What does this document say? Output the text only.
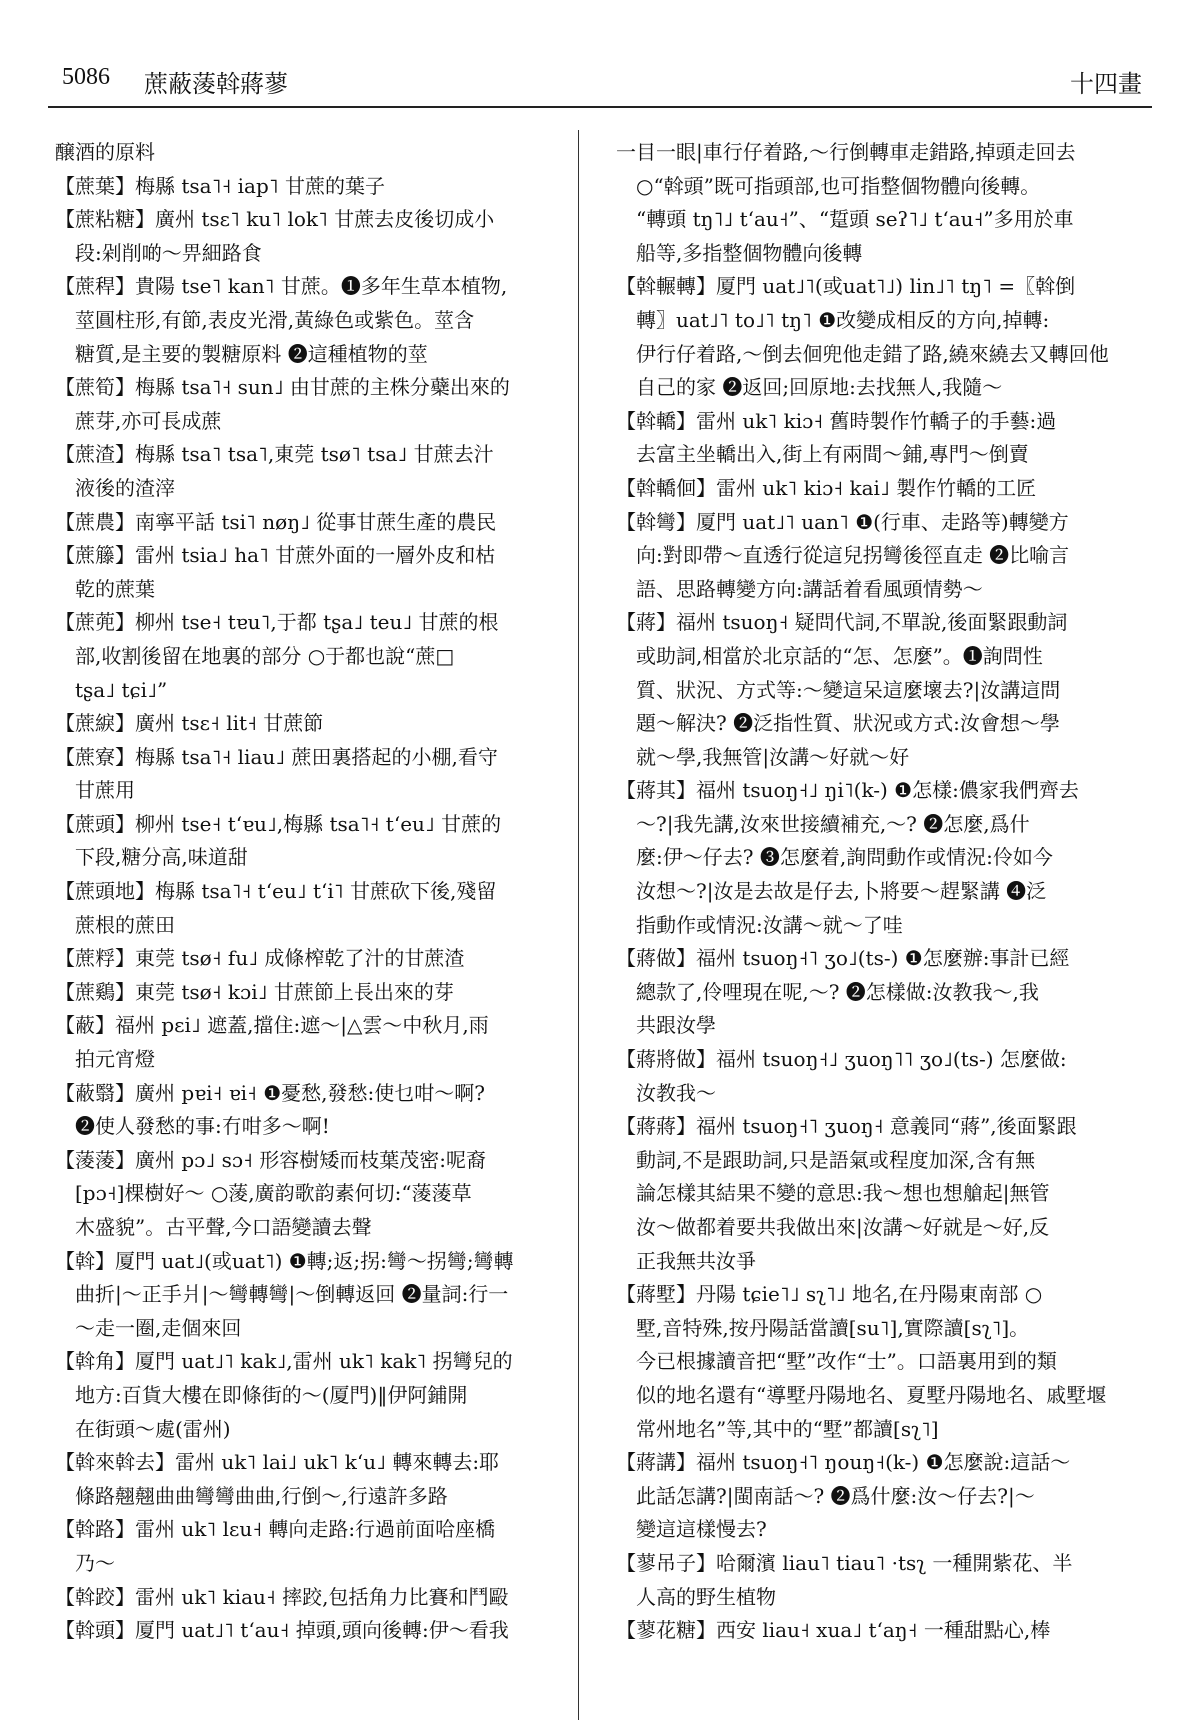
5086 蔗蔽蔆斡蔣蓼	十四畫
醸酒的原料
【蔗葉】梅縣 tsa˥˧ iap˥ 甘蔗的葉子
【蔗粘糖】廣州 tsɛ˥ ku˥ lok˥ 甘蔗去皮後切成小
段:剁削啲～畀細路食
【蔗稈】貴陽 tse˥ kan˥ 甘蔗。❶多年生草本植物,
莖圓柱形,有節,表皮光滑,黃綠色或紫色。莖含
糖質,是主要的製糖原料 ❷這種植物的莖
【蔗筍】梅縣 tsa˥˧ sun˩ 由甘蔗的主株分蘗出來的
蔗芽,亦可長成蔗
【蔗渣】梅縣 tsa˥ tsa˥,東莞 tsø˥ tsa˩ 甘蔗去汁
液後的渣滓
【蔗農】南寧平話 tsi˥ nøŋ˩ 從事甘蔗生產的農民
【蔗籐】雷州 tsia˩ ha˥ 甘蔗外面的一層外皮和枯
乾的蔗葉
【蔗蔸】柳州 tse˧ tɐu˥,于都 tʂa˩ teu˩ 甘蔗的根
部,收割後留在地裏的部分 ○于都也說“蔗□
tʂa˩ tɕi˩”
【蔗綟】廣州 tsɛ˧ lit˧ 甘蔗節
【蔗寮】梅縣 tsa˥˧ liau˩ 蔗田裏搭起的小棚,看守
甘蔗用
【蔗頭】柳州 tse˧ tʻɐu˩,梅縣 tsa˥˧ tʻeu˩ 甘蔗的
下段,糖分高,味道甜
【蔗頭地】梅縣 tsa˥˧ tʻeu˩ tʻi˥ 甘蔗砍下後,殘留
蔗根的蔗田
【蔗粰】東莞 tsø˧ fu˩ 成條榨乾了汁的甘蔗渣
【蔗鷄】東莞 tsø˧ kɔi˩ 甘蔗節上長出來的芽
【蔽】福州 pɛi˩ 遮蓋,擋住:遮～|△雲～中秋月,雨
拍元宵燈
【蔽翳】廣州 pɐi˧ ɐi˧ ❶憂愁,發愁:使乜咁～啊?
❷使人發愁的事:冇咁多～啊!
【蔆蔆】廣州 pɔ˩ sɔ˧ 形容樹矮而枝葉茂密:呢裔
[pɔ˧]棵樹好～ ○蔆,廣韵歌韵素何切:“蔆蔆草
木盛貌”。古平聲,今口語變讀去聲
【斡】厦門 uat˩(或uat˥) ❶轉;返;拐:彎～拐彎;彎轉
曲折|～正手爿|～彎轉彎|～倒轉返回 ❷量詞:行一
～走一圈,走個來回
【斡角】厦門 uat˩˥ kak˩,雷州 uk˥ kak˥ 拐彎兒的
地方:百貨大樓在即條街的～(厦門)‖伊阿鋪開
在街頭～處(雷州)
【斡來斡去】雷州 uk˥ lai˩ uk˥ kʻu˩ 轉來轉去:耶
條路翹翹曲曲彎彎曲曲,行倒～,行遠許多路
【斡路】雷州 uk˥ lɛu˧ 轉向走路:行過前面哈座橋
乃～
【斡跤】雷州 uk˥ kiau˧ 摔跤,包括角力比賽和鬥毆
【斡頭】厦門 uat˩˥ tʻau˧ 掉頭,頭向後轉:伊～看我
一目一眼|車行仔着路,～行倒轉車走錯路,掉頭走回去
○“斡頭”既可指頭部,也可指整個物體向後轉。
“轉頭 tŋ˥˩ tʻau˧”、“踅頭 seʔ˥˩ tʻau˧”多用於車
船等,多指整個物體向後轉
【斡輾轉】厦門 uat˩˥(或uat˥˩) lin˩˥ tŋ˥ =〖斡倒
轉〗uat˩˥ to˩˥ tŋ˥ ❶改變成相反的方向,掉轉:
伊行仔着路,～倒去佪兜他走錯了路,繞來繞去又轉回他
自己的家 ❷返回;回原地:去找無人,我隨～
【斡轎】雷州 uk˥ kiɔ˧ 舊時製作竹轎子的手藝:過
去富主坐轎出入,街上有兩間～鋪,專門～倒賣
【斡轎佪】雷州 uk˥ kiɔ˧ kai˩ 製作竹轎的工匠
【斡彎】厦門 uat˩˥ uan˥ ❶(行車、走路等)轉變方
向:對即帶～直透行從這兒拐彎後徑直走 ❷比喻言
語、思路轉變方向:講話着看風頭情勢～
【蔣】福州 tsuoŋ˧ 疑問代詞,不單說,後面緊跟動詞
或助詞,相當於北京話的“怎、怎麼”。❶詢問性
質、狀況、方式等:～變這呆這麼壞去?|汝講這問
題～解決? ❷泛指性質、狀況或方式:汝會想～學
就～學,我無管|汝講～好就～好
【蔣其】福州 tsuoŋ˧˩ ŋi˥(k-) ❶怎樣:儂家我們齊去
～?|我先講,汝來世接續補充,～? ❷怎麼,爲什
麼:伊～仔去? ❸怎麼着,詢問動作或情況:伶如今
汝想～?|汝是去故是仔去,卜將要～趕緊講 ❹泛
指動作或情況:汝講～就～了哇
【蔣做】福州 tsuoŋ˧˥ ʒo˩(ts-) ❶怎麼辦:事計已經
總款了,伶哩現在呢,～? ❷怎樣做:汝教我～,我
共跟汝學
【蔣將做】福州 tsuoŋ˧˩ ʒuoŋ˥˥ ʒo˩(ts-) 怎麼做:
汝教我～
【蔣蔣】福州 tsuoŋ˧˥ ʒuoŋ˧ 意義同“蔣”,後面緊跟
動詞,不是跟助詞,只是語氣或程度加深,含有無
論怎樣其結果不變的意思:我～想也想艙起|無管
汝～做都着要共我做出來|汝講～好就是～好,反
正我無共汝爭
【蔣墅】丹陽 tɕie˥˩ sʅ˥˩ 地名,在丹陽東南部 ○
墅,音特殊,按丹陽話當讀[su˥],實際讀[sʅ˥]。
今已根據讀音把“墅”改作“士”。口語裏用到的類
似的地名還有“導墅丹陽地名、夏墅丹陽地名、戚墅堰
常州地名”等,其中的“墅”都讀[sʅ˥]
【蔣講】福州 tsuoŋ˧˥ ŋouŋ˧(k-) ❶怎麼說:這話～
此話怎講?|閩南話～? ❷爲什麼:汝～仔去?|～
變這這樣慢去?
【蓼吊子】哈爾濱 liau˥ tiau˥ ·tsʅ 一種開紫花、半
人高的野生植物
【蓼花糖】西安 liau˧ xua˩ tʻaŋ˧ 一種甜點心,棒
